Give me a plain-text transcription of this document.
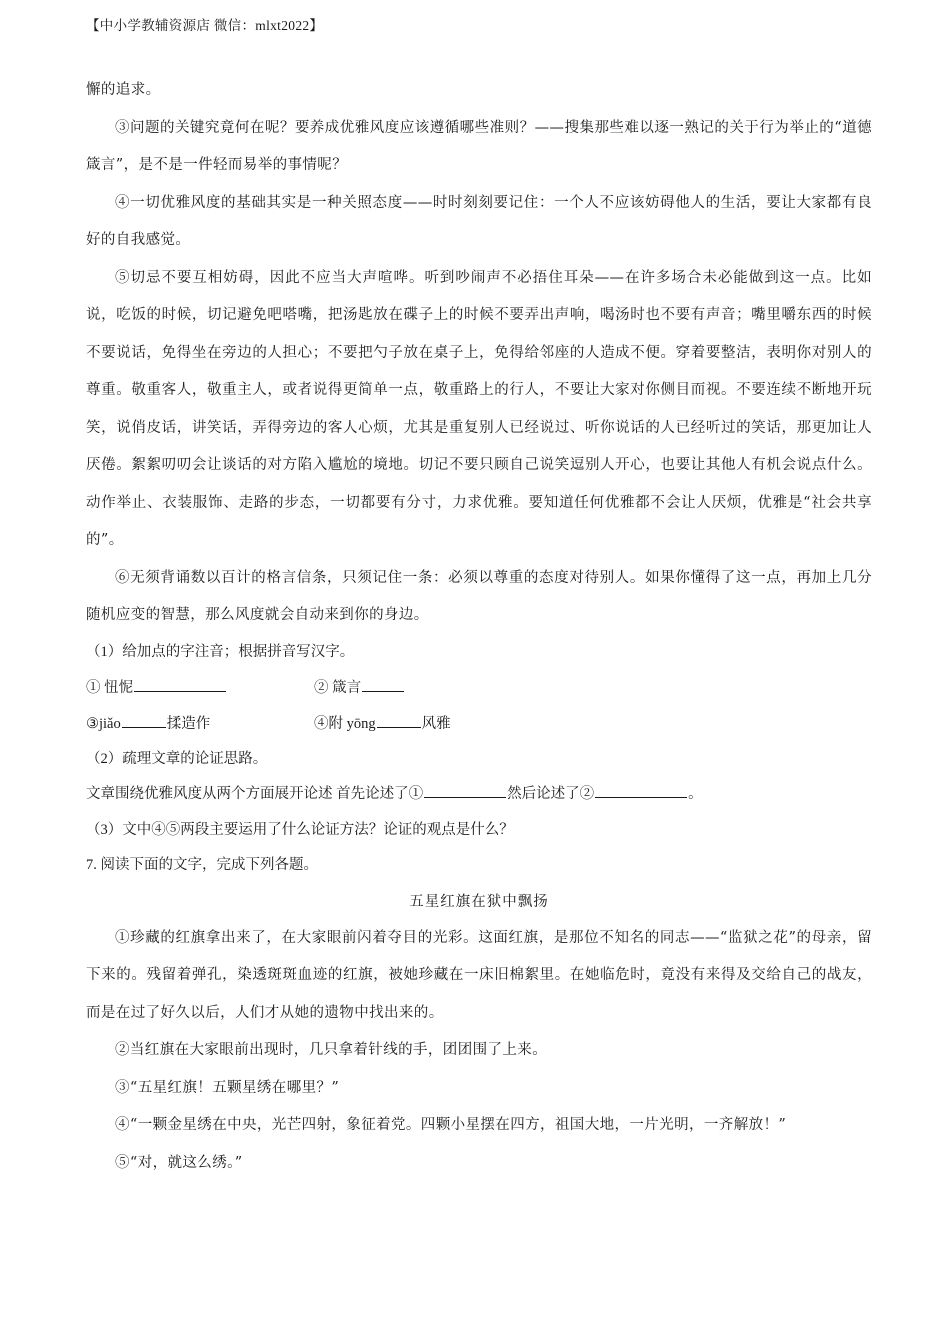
【中小学教辅资源店 微信：mlxt2022】

懈的追求。

③问题的关键究竟何在呢？要养成优雅风度应该遵循哪些准则？——搜集那些难以逐一熟记的关于行为举止的“道德箴言”，是不是一件轻而易举的事情呢？

④一切优雅风度的基础其实是一种关照态度——时时刻刻要记住：一个人不应该妨碍他人的生活，要让大家都有良好的自我感觉。

⑤切忌不要互相妨碍，因此不应当大声喧哗。听到吵闹声不必捂住耳朵——在许多场合未必能做到这一点。比如说，吃饭的时候，切记避免吧嗒嘴，把汤匙放在碟子上的时候不要弄出声响，喝汤时也不要有声音；嘴里嚼东西的时候不要说话，免得坐在旁边的人担心；不要把勺子放在桌子上，免得给邻座的人造成不便。穿着要整洁，表明你对别人的尊重。敬重客人，敬重主人，或者说得更简单一点，敬重路上的行人，不要让大家对你侧目而视。不要连续不断地开玩笑，说俏皮话，讲笑话，弄得旁边的客人心烦，尤其是重复别人已经说过、听你说话的人已经听过的笑话，那更加让人厌倦。絮絮叨叨会让谈话的对方陷入尴尬的境地。切记不要只顾自己说笑逗别人开心，也要让其他人有机会说点什么。动作举止、衣装服饰、走路的步态，一切都要有分寸，力求优雅。要知道任何优雅都不会让人厌烦，优雅是“社会共享的”。

⑥无须背诵数以百计的格言信条，只须记住一条：必须以尊重的态度对待别人。如果你懂得了这一点，再加上几分随机应变的智慧，那么风度就会自动来到你的身边。

（1）给加点的字注音；根据拼音写汉字。

① 忸怩	② 箴言
③jiǎo	揉造作	④附 yōng	风雅

（2）疏理文章的论证思路。

文章围绕优雅风度从两个方面展开论述 首先论述了①	然后论述了②	。

（3）文中④⑤两段主要运用了什么论证方法？论证的观点是什么？

7. 阅读下面的文字，完成下列各题。

五星红旗在狱中飘扬

①珍藏的红旗拿出来了，在大家眼前闪着夺目的光彩。这面红旗，是那位不知名的同志——“监狱之花”的母亲，留下来的。残留着弹孔，染透斑斑血迹的红旗，被她珍藏在一床旧棉絮里。在她临危时，竟没有来得及交给自己的战友，而是在过了好久以后，人们才从她的遗物中找出来的。

②当红旗在大家眼前出现时，几只拿着针线的手，团团围了上来。

③“五星红旗！五颗星绣在哪里？”

④“一颗金星绣在中央，光芒四射，象征着党。四颗小星摆在四方，祖国大地，一片光明，一齐解放！”

⑤“对，就这么绣。”
